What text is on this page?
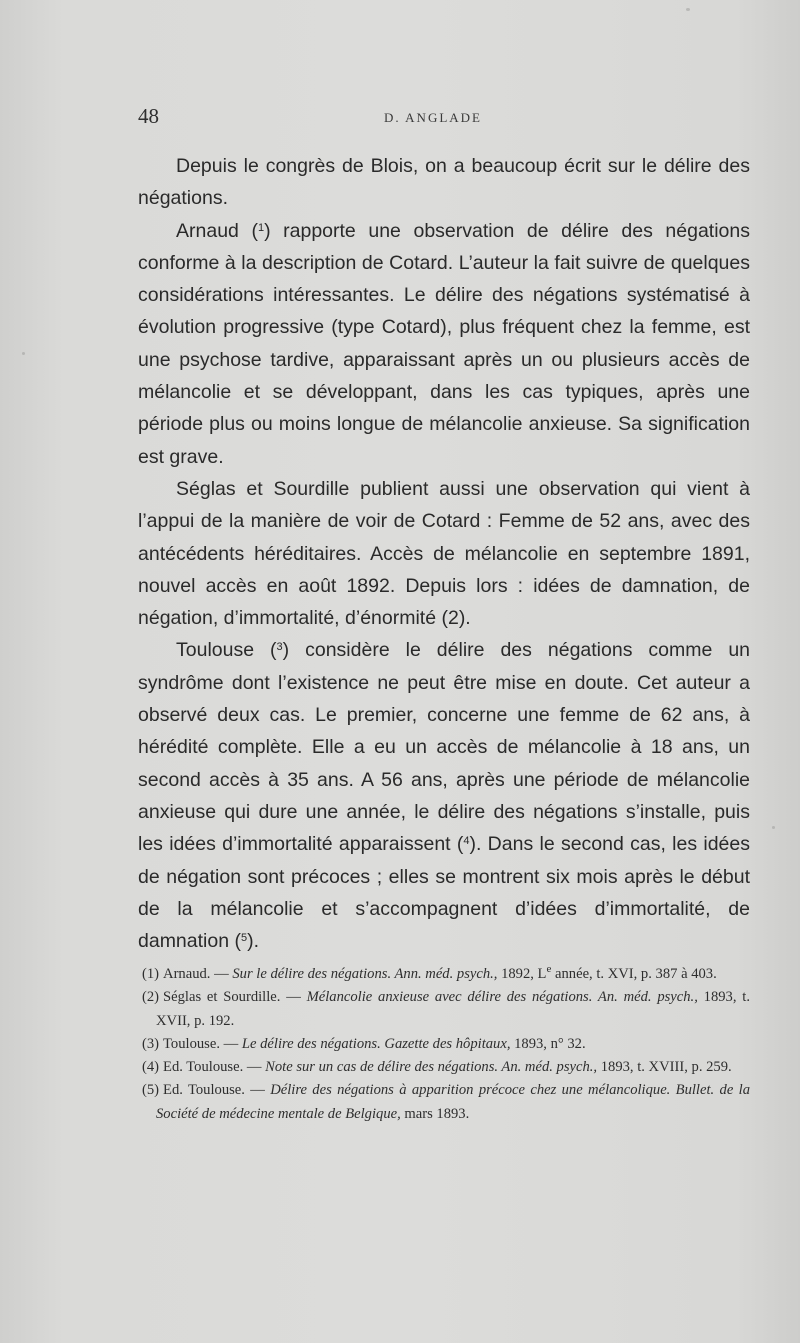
48	D. ANGLADE

Depuis le congrès de Blois, on a beaucoup écrit sur le délire des négations.

Arnaud ($^1$) rapporte une observation de délire des négations conforme à la description de Cotard. L’auteur la fait suivre de quelques considérations intéressantes. Le délire des négations systématisé à évolution progressive (type Cotard), plus fréquent chez la femme, est une psychose tardive, apparaissant après un ou plusieurs accès de mélancolie et se développant, dans les cas typiques, après une période plus ou moins longue de mélancolie anxieuse. Sa signification est grave.

Séglas et Sourdille publient aussi une observation qui vient à l’appui de la manière de voir de Cotard : Femme de 52 ans, avec des antécédents héréditaires. Accès de mélancolie en septembre 1891, nouvel accès en août 1892. Depuis lors : idées de damnation, de négation, d’immortalité, d’énormité (2).

Toulouse ($^3$) considère le délire des négations comme un syndrôme dont l’existence ne peut être mise en doute. Cet auteur a observé deux cas. Le premier, concerne une femme de 62 ans, à hérédité complète. Elle a eu un accès de mélancolie à 18 ans, un second accès à 35 ans. A 56 ans, après une période de mélancolie anxieuse qui dure une année, le délire des négations s’installe, puis les idées d’immortalité apparaissent ($^4$). Dans le second cas, les idées de négation sont précoces ; elles se montrent six mois après le début de la mélancolie et s’accompagnent d’idées d’immortalité, de damnation ($^5$).

(1) Arnaud. — Sur le délire des négations. Ann. méd. psych., 1892, Le année, t. XVI, p. 387 à 403.

(2) Séglas et Sourdille. — Mélancolie anxieuse avec délire des négations. An. méd. psych., 1893, t. XVII, p. 192.

(3) Toulouse. — Le délire des négations. Gazette des hôpitaux, 1893, n° 32.

(4) Ed. Toulouse. — Note sur un cas de délire des négations. An. méd. psych., 1893, t. XVIII, p. 259.

(5) Ed. Toulouse. — Délire des négations à apparition précoce chez une mélancolique. Bullet. de la Société de médecine mentale de Belgique, mars 1893.
